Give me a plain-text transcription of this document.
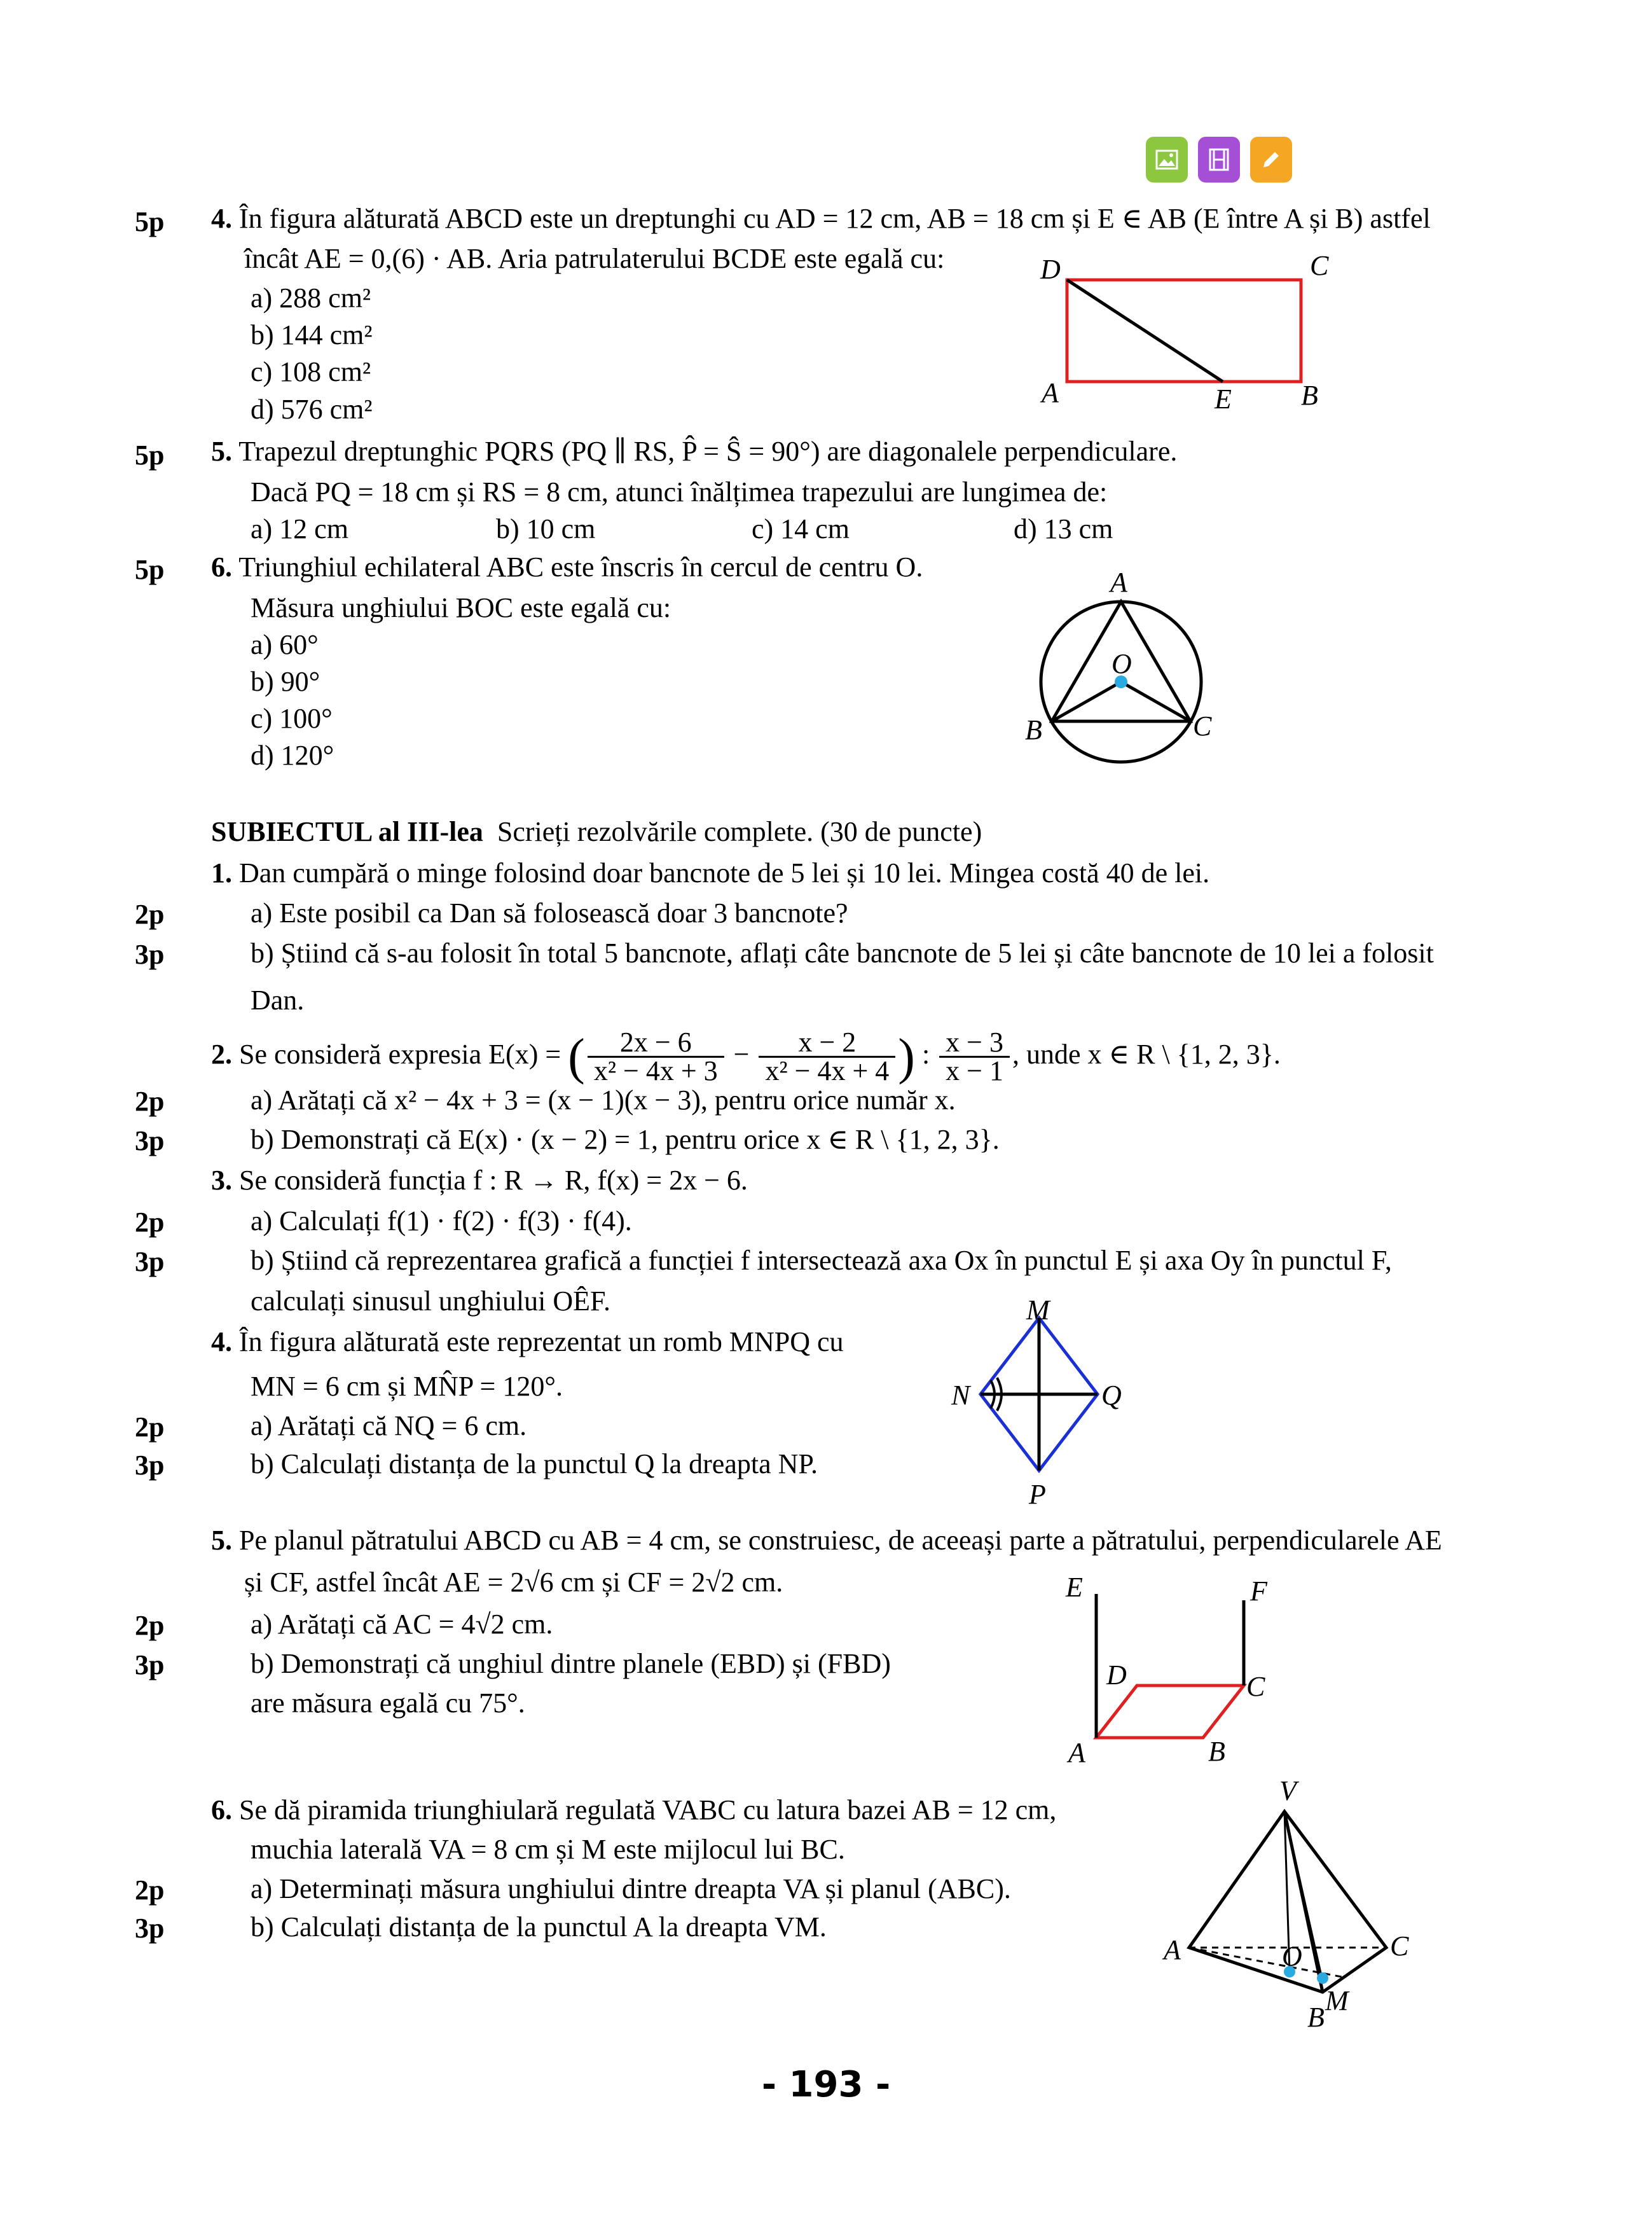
5p 4. În figura alăturată ABCD este un dreptunghi cu AD = 12 cm, AB = 18 cm și E ∈ AB (E între A și B) astfel
încât AE = 0,(6) · AB. Aria patrulaterului BCDE este egală cu:
a) 288 cm²
b) 144 cm²
c) 108 cm²
d) 576 cm²
D	C
A	E B
5p 5. Trapezul dreptunghic PQRS (PQ ∥ RS, P̂ = Ŝ = 90°) are diagonalele perpendiculare.
Dacă PQ = 18 cm și RS = 8 cm, atunci înălțimea trapezului are lungimea de:
a) 12 cm	b) 10 cm	c) 14 cm	d) 13 cm
5p 6. Triunghiul echilateral ABC este înscris în cercul de centru O.
Măsura unghiului BOC este egală cu:
a) 60°
b) 90°
c) 100°
d) 120°
A
O
B	C
SUBIECTUL al III-lea Scrieți rezolvările complete. (30 de puncte)
1. Dan cumpără o minge folosind doar bancnote de 5 lei și 10 lei. Mingea costă 40 de lei.
2p	a) Este posibil ca Dan să folosească doar 3 bancnote?
3p	b) Știind că s-au folosit în total 5 bancnote, aflați câte bancnote de 5 lei și câte bancnote de 10 lei a folosit
Dan.
2. Se consideră expresia E(x) = ( $\frac{2x - 6}{\text{x² − 4x + 3}} - \frac{x - 2}{\text{x² − 4x + 4}}$ ) : $\frac{x - 3}{x - 1}$ , unde x ∈ R \ {1, 2, 3}.
2p	a) Arătați că x² − 4x + 3 = (x − 1)(x − 3), pentru orice număr x.
3p	b) Demonstrați că E(x) · (x − 2) = 1, pentru orice x ∈ R \ {1, 2, 3}.
3. Se consideră funcția f : R → R, f(x) = 2x − 6.
2p	a) Calculați f(1) · f(2) · f(3) · f(4).
3p	b) Știind că reprezentarea grafică a funcției f intersectează axa Ox în punctul E și axa Oy în punctul F,
calculați sinusul unghiului OÊF.
4. În figura alăturată este reprezentat un romb MNPQ cu
MN = 6 cm și MN̂P = 120°.
2p	a) Arătați că NQ = 6 cm.
3p	b) Calculați distanța de la punctul Q la dreapta NP.
M
N	Q
P
5. Pe planul pătratului ABCD cu AB = 4 cm, se construiesc, de aceeași parte a pătratului, perpendicularele AE
și CF, astfel încât AE = 2√6 cm și CF = 2√2 cm.
2p	a) Arătați că AC = 4√2 cm.
3p	b) Demonstrați că unghiul dintre planele (EBD) și (FBD)
are măsura egală cu 75°.
E	F
D	C
A	B
6. Se dă piramida triunghiulară regulată VABC cu latura bazei AB = 12 cm,
muchia laterală VA = 8 cm și M este mijlocul lui BC.
2p	a) Determinați măsura unghiului dintre dreapta VA și planul (ABC).
3p	b) Calculați distanța de la punctul A la dreapta VM.
V
A	C
O
M
B
- 193 -
